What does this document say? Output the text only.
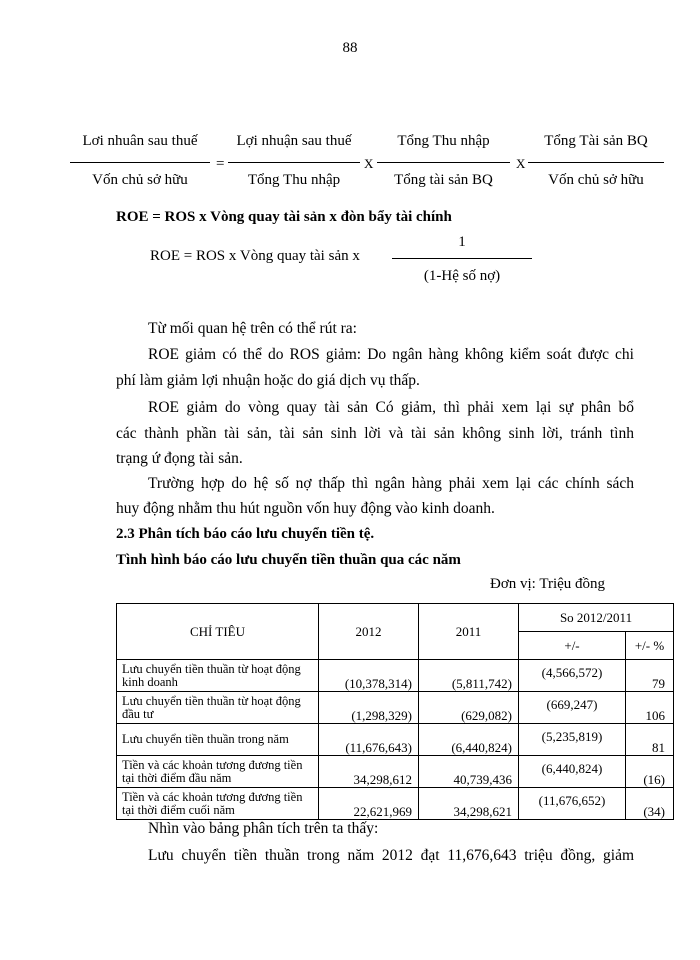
88
Lơi nhuân sau thuế
Vốn chủ sở hữu
=
Lợi nhuận sau thuế
Tổng Thu nhập
X
Tổng Thu nhập
Tổng tài sản BQ
X
Tổng Tài sản BQ
Vốn chủ sở hữu
ROE = ROS x Vòng quay tài sản x đòn bẩy tài chính
ROE = ROS x Vòng quay tài sản x
1
(1-Hệ số nợ)
Từ mối quan hệ trên có thể rút ra:
ROE giảm có thể do ROS giảm: Do ngân hàng không kiểm soát được chi
phí làm giảm lợi nhuận hoặc do giá dịch vụ thấp.
ROE giảm do vòng quay tài sản Có giảm, thì phải xem lại sự phân bổ
các thành phần tài sản, tài sản sinh lời và tài sản không sinh lời, tránh tình
trạng ứ đọng tài sản.
Trường hợp do hệ số nợ thấp thì ngân hàng phải xem lại các chính sách
huy động nhằm thu hút nguồn vốn huy động vào kinh doanh.
2.3 Phân tích báo cáo lưu chuyển tiền tệ.
Tình hình báo cáo lưu chuyển tiền thuần qua các năm
Đơn vị: Triệu đồng
CHỈ TIÊU	2012	2011	So 2012/2011	
			+/-	+/- %
Lưu chuyển tiền thuần từ hoạt động kinh doanh	(10,378,314)	(5,811,742)	(4,566,572)	79
Lưu chuyển tiền thuần từ hoạt động đầu tư	(1,298,329)	(629,082)	(669,247)	106
Lưu chuyển tiền thuần trong năm	(11,676,643)	(6,440,824)	(5,235,819)	81
Tiền và các khoản tương đương tiền tại thời điểm đầu năm	34,298,612	40,739,436	(6,440,824)	(16)
Tiền và các khoản tương đương tiền tại thời điểm cuối năm	22,621,969	34,298,621	(11,676,652)	(34)
Nhìn vào bảng phân tích trên ta thấy:
Lưu chuyển tiền thuần trong năm 2012 đạt 11,676,643 triệu đồng, giảm
